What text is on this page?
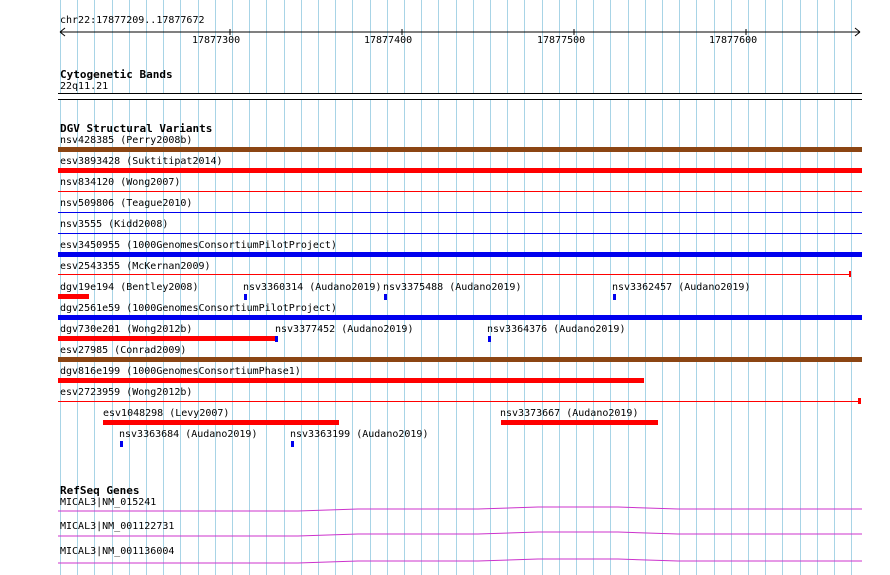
chr22:17877209..17877672
17877300	17877400	17877500	17877600
Cytogenetic Bands
22q11.21
DGV Structural Variants
nsv428385 (Perry2008b)
esv3893428 (Suktitipat2014)
nsv834120 (Wong2007)
nsv509806 (Teague2010)
nsv3555 (Kidd2008)
esv3450955 (1000GenomesConsortiumPilotProject)
esv2543355 (McKernan2009)
dgv19e194 (Bentley2008)	nsv3360314 (Audano2019) nsv3375488 (Audano2019)	nsv3362457 (Audano2019)
dgv2561e59 (1000GenomesConsortiumPilotProject)
dgv730e201 (Wong2012b)	nsv3377452 (Audano2019)	nsv3364376 (Audano2019)
esv27985 (Conrad2009)
dgv816e199 (1000GenomesConsortiumPhase1)
esv2723959 (Wong2012b)
esv1048298 (Levy2007)	nsv3373667 (Audano2019)
nsv3363684 (Audano2019)	nsv3363199 (Audano2019)
RefSeq Genes
MICAL3|NM_015241
MICAL3|NM_001122731
MICAL3|NM_001136004
